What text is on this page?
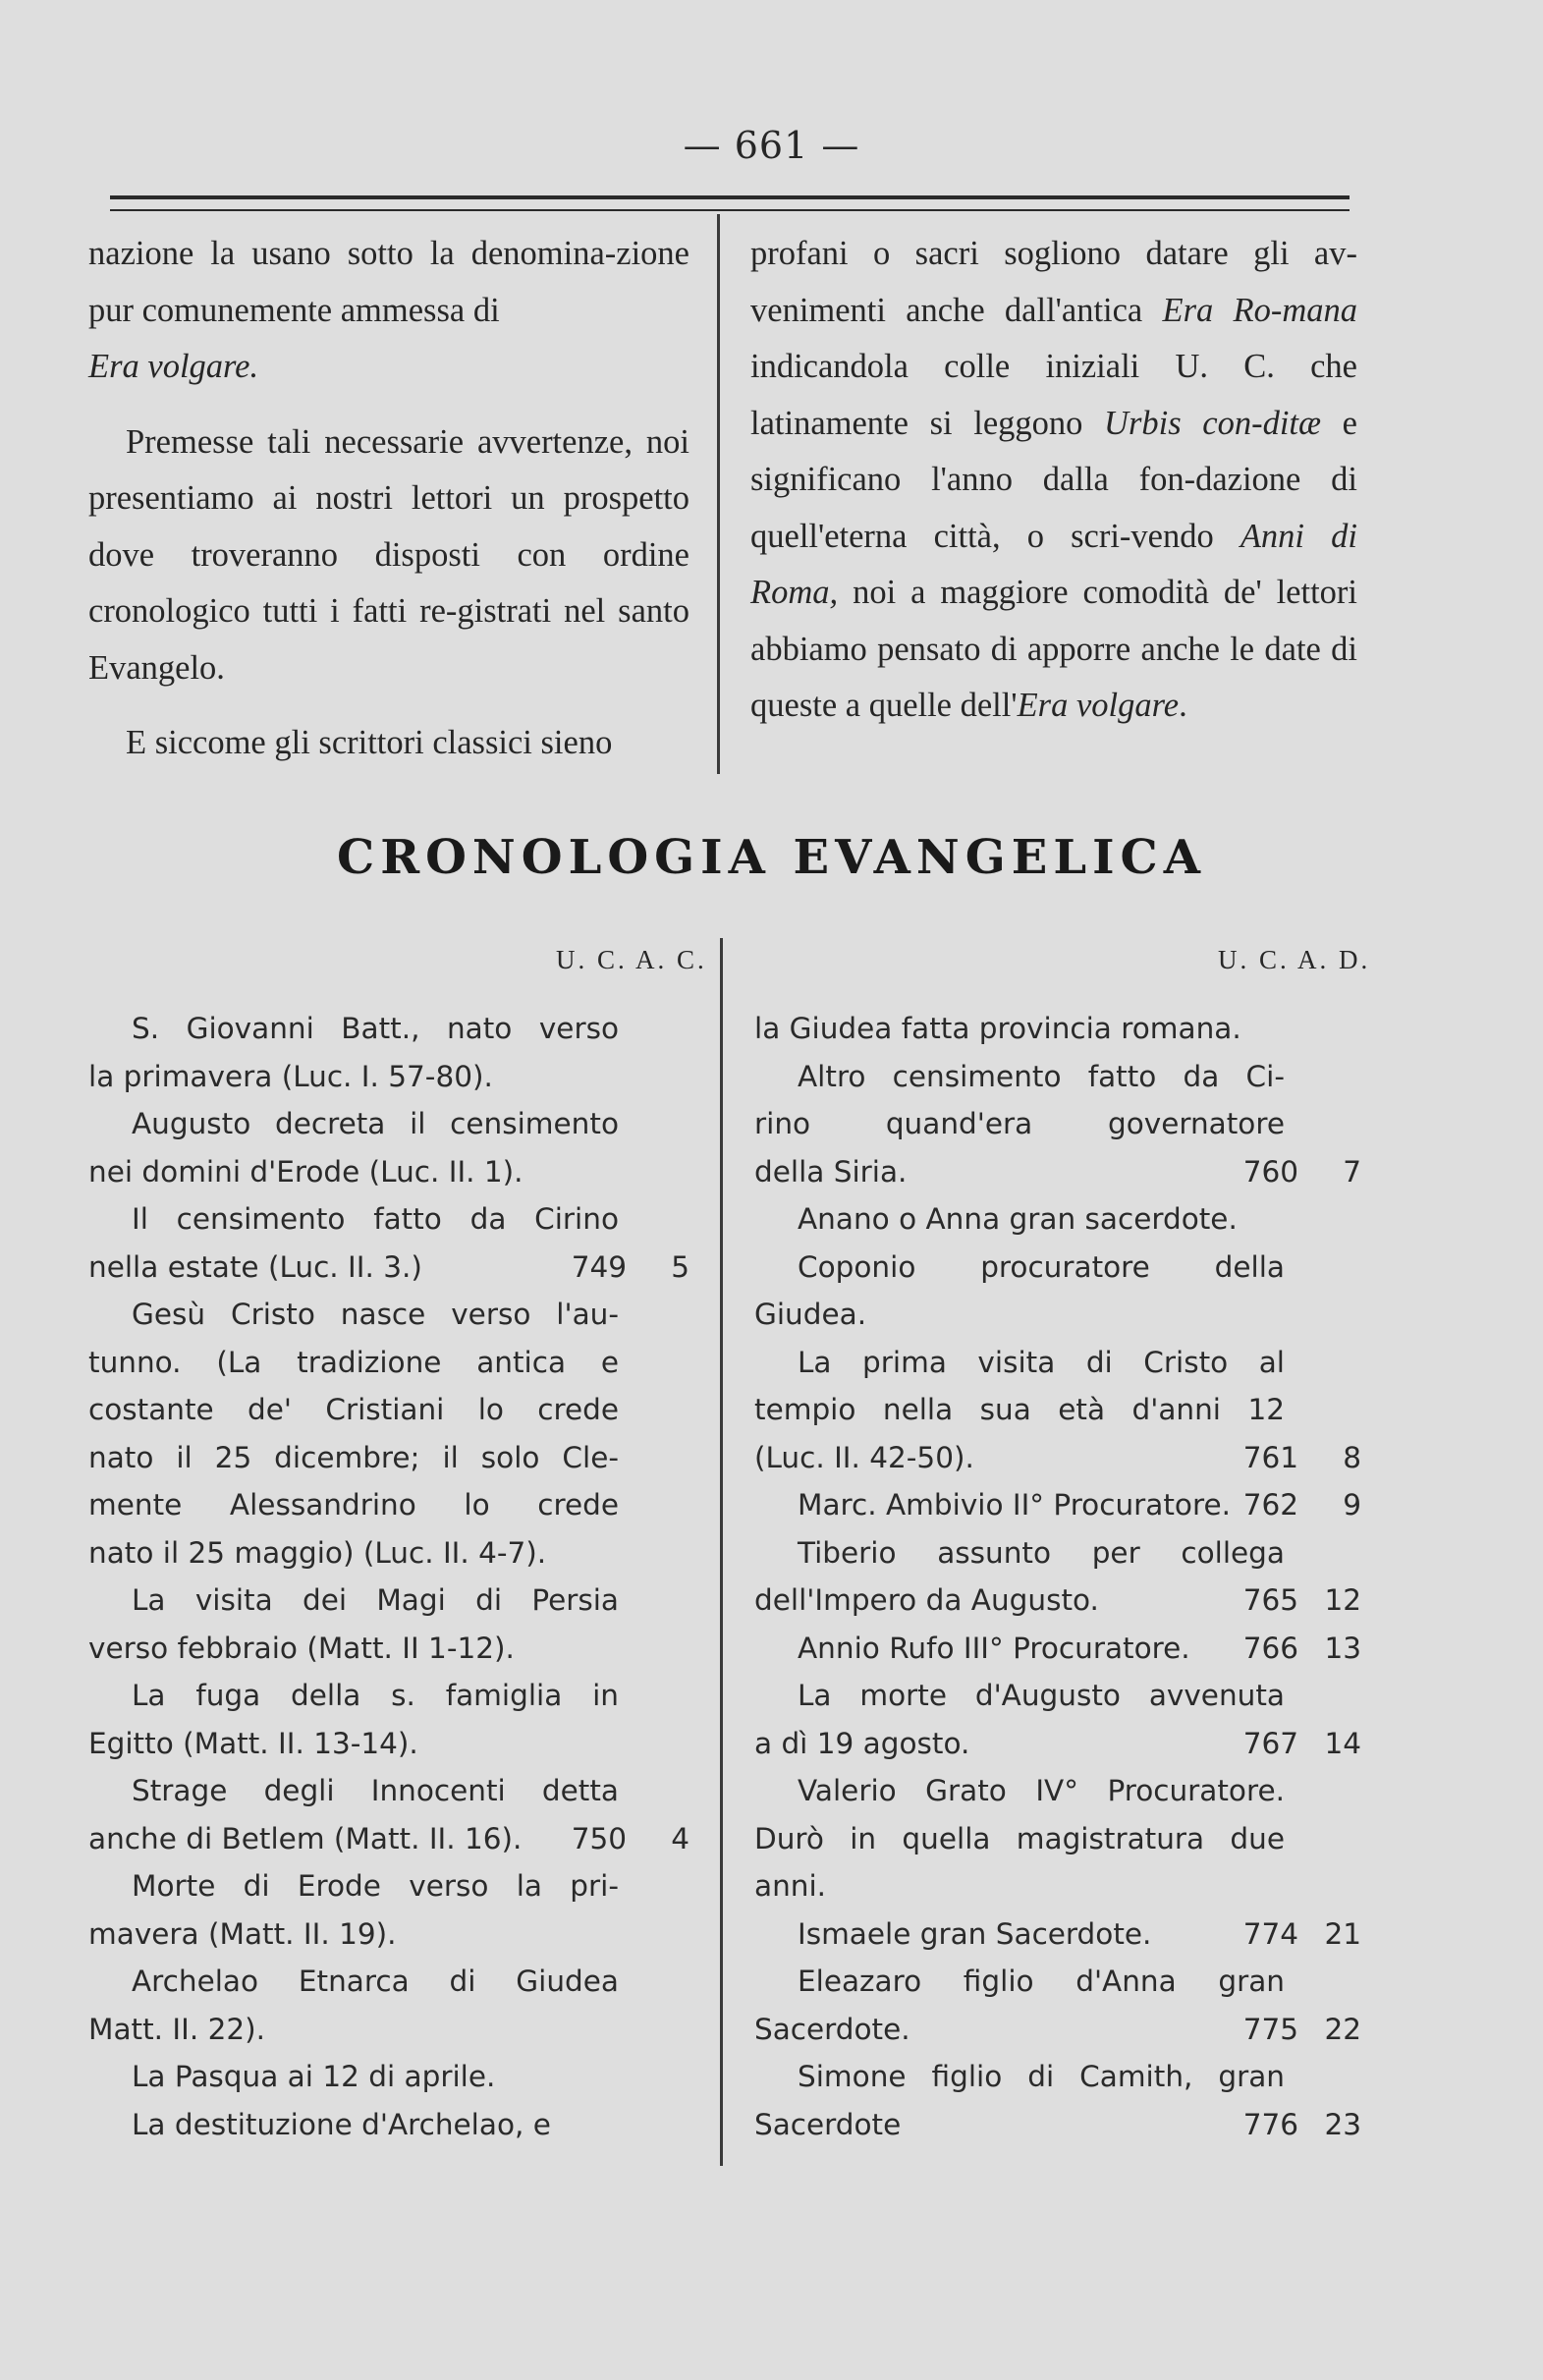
— 661 —

nazione la usano sotto la denomina-zione pur comunemente ammessa di

Era volgare.

Premesse tali necessarie avvertenze, noi presentiamo ai nostri lettori un prospetto dove troveranno disposti con ordine cronologico tutti i fatti re-gistrati nel santo Evangelo.

E siccome gli scrittori classici sieno

profani o sacri sogliono datare gli av-venimenti anche dall'antica Era Ro-mana indicandola colle iniziali U. C. che latinamente si leggono Urbis con-ditæ e significano l'anno dalla fon-dazione di quell'eterna città, o scri-vendo Anni di Roma, noi a maggiore comodità de' lettori abbiamo pensato di apporre anche le date di queste a quelle dell'Era volgare.

CRONOLOGIA EVANGELICA
U. C. A. C.	U. C. A. D.
S. Giovanni Batt., nato verso
la primavera (Luc. I. 57-80).
Augusto decreta il censimento
nei domini d'Erode (Luc. II. 1).
Il censimento fatto da Cirino
nella estate (Luc. II. 3.)	749 5
Gesù Cristo nasce verso l'au-
tunno. (La tradizione antica e
costante de' Cristiani lo crede
nato il 25 dicembre; il solo Cle-
mente Alessandrino lo crede
nato il 25 maggio) (Luc. II. 4-7).
La visita dei Magi di Persia
verso febbraio (Matt. II 1-12).
La fuga della s. famiglia in
Egitto (Matt. II. 13-14).
Strage degli Innocenti detta
anche di Betlem (Matt. II. 16).	750 4
Morte di Erode verso la pri-
mavera (Matt. II. 19).
Archelao Etnarca di Giudea
Matt. II. 22).
La Pasqua ai 12 di aprile.
La destituzione d'Archelao, e
la Giudea fatta provincia romana.
Altro censimento fatto da Ci-
rino quand'era governatore
della Siria.	760 7
Anano o Anna gran sacerdote.
Coponio procuratore della
Giudea.
La prima visita di Cristo al
tempio nella sua età d'anni 12
(Luc. II. 42-50).	761 8
Marc. Ambivio II° Procuratore. 762 9
Tiberio assunto per collega
dell'Impero da Augusto.	765 12
Annio Rufo III° Procuratore.	766 13
La morte d'Augusto avvenuta
a dì 19 agosto.	767 14
Valerio Grato IV° Procuratore.
Durò in quella magistratura due
anni.
Ismaele gran Sacerdote.	774 21
Eleazaro figlio d'Anna gran
Sacerdote.	775 22
Simone figlio di Camith, gran
Sacerdote	776 23
